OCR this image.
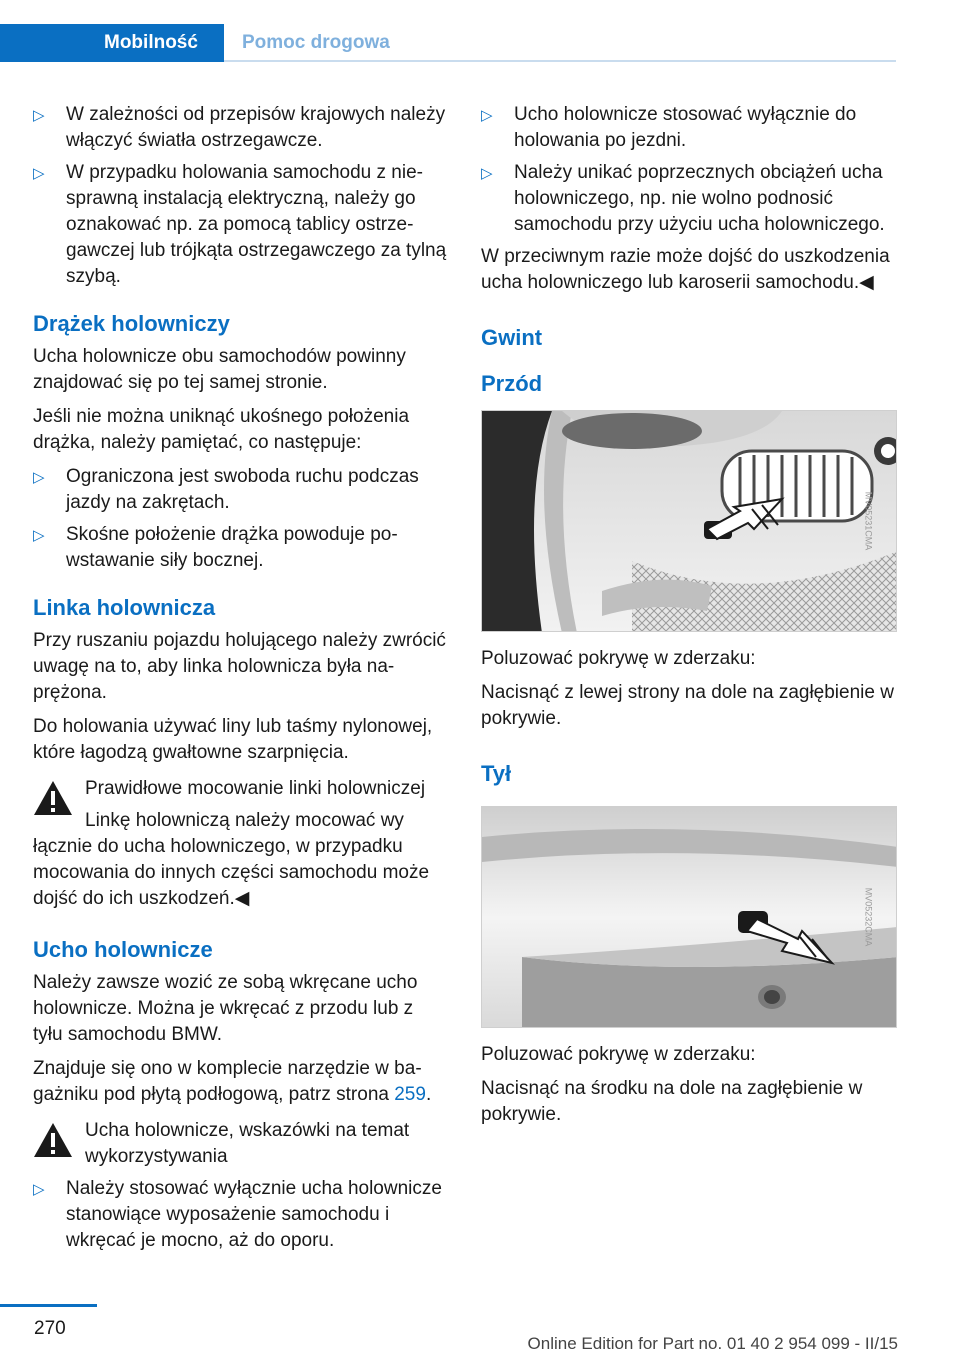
Mobilność	Pomoc drogowa
▷ W zależności od przepisów krajowych należy włączyć światła ostrzegawcze.
▷ W przypadku holowania samochodu z niesprawną instalacją elektryczną, należy go oznakować np. za pomocą tablicy ostrzegawczej lub trójkąta ostrzegawczego za tylną szybą.
Drążek holowniczy
Ucha holownicze obu samochodów powinny znajdować się po tej samej stronie.
Jeśli nie można uniknąć ukośnego położenia drążka, należy pamiętać, co następuje:
▷ Ograniczona jest swoboda ruchu podczas jazdy na zakrętach.
▷ Skośne położenie drążka powoduje powstawanie siły bocznej.
Linka holownicza
Przy ruszaniu pojazdu holującego należy zwrócić uwagę na to, aby linka holownicza była naprężona.
Do holowania używać liny lub taśmy nylonowej, które łagodzą gwałtowne szarpnięcia.
Prawidłowe mocowanie linki holowniczej
Linkę holowniczą należy mocować wy
łącznie do ucha holowniczego, w przypadku mocowania do innych części samochodu może dojść do ich uszkodzeń.◀
Ucho holownicze
Należy zawsze wozić ze sobą wkręcane ucho holownicze. Można je wkręcać z przodu lub z tyłu samochodu BMW.
Znajduje się ono w komplecie narzędzie w bagażniku pod płytą podłogową, patrz strona 259.
Ucha holownicze, wskazówki na temat wykorzystywania
▷ Należy stosować wyłącznie ucha holownicze stanowiące wyposażenie samochodu i wkręcać je mocno, aż do oporu.
▷ Ucho holownicze stosować wyłącznie do holowania po jezdni.
▷ Należy unikać poprzecznych obciążeń ucha holowniczego, np. nie wolno podnosić samochodu przy użyciu ucha holowniczego.
W przeciwnym razie może dojść do uszkodzenia ucha holowniczego lub karoserii samochodu.◀
Gwint
Przód
MV05231CMA
Poluzować pokrywę w zderzaku:
Nacisnąć z lewej strony na dole na zagłębienie w pokrywie.
Tył
MV05232CMA
Poluzować pokrywę w zderzaku:
Nacisnąć na środku na dole na zagłębienie w pokrywie.
270
Online Edition for Part no. 01 40 2 954 099 - II/15
